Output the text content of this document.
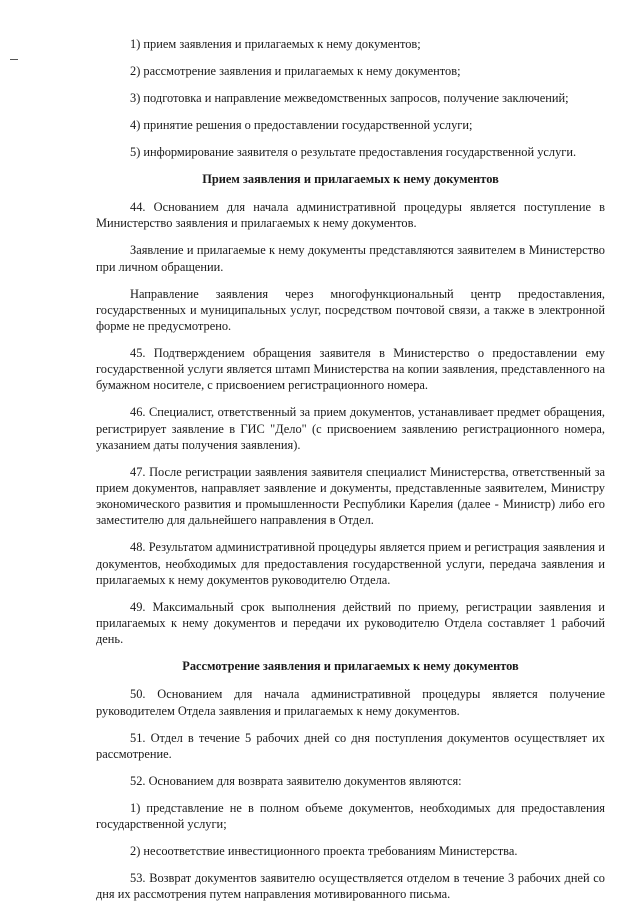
1) прием заявления и прилагаемых к нему документов;

2) рассмотрение заявления и прилагаемых к нему документов;

3) подготовка и направление межведомственных запросов, получение заключений;

4) принятие решения о предоставлении государственной услуги;

5) информирование заявителя о результате предоставления государственной услуги.

Прием заявления и прилагаемых к нему документов

44. Основанием для начала административной процедуры является поступление в Министерство заявления и прилагаемых к нему документов.

Заявление и прилагаемые к нему документы представляются заявителем в Министерство при личном обращении.

Направление заявления через многофункциональный центр предоставления, государственных и муниципальных услуг, посредством почтовой связи, а также в электронной форме не предусмотрено.

45. Подтверждением обращения заявителя в Министерство о предоставлении ему государственной услуги является штамп Министерства на копии заявления, представленного на бумажном носителе, с присвоением регистрационного номера.

46. Специалист, ответственный за прием документов, устанавливает предмет обращения, регистрирует заявление в ГИС "Дело" (с присвоением заявлению регистрационного номера, указанием даты получения заявления).

47. После регистрации заявления заявителя специалист Министерства, ответственный за прием документов, направляет заявление и документы, представленные заявителем, Министру экономического развития и промышленности Республики Карелия (далее - Министр) либо его заместителю для дальнейшего направления в Отдел.

48. Результатом административной процедуры является прием и регистрация заявления и документов, необходимых для предоставления государственной услуги, передача заявления и прилагаемых к нему документов руководителю Отдела.

49. Максимальный срок выполнения действий по приему, регистрации заявления и прилагаемых к нему документов и передачи их руководителю Отдела составляет 1 рабочий день.

Рассмотрение заявления и прилагаемых к нему документов

50. Основанием для начала административной процедуры является получение руководителем Отдела заявления и прилагаемых к нему документов.

51. Отдел в течение 5 рабочих дней со дня поступления документов осуществляет их рассмотрение.

52. Основанием для возврата заявителю документов являются:

1) представление не в полном объеме документов, необходимых для предоставления государственной услуги;

2) несоответствие инвестиционного проекта требованиям Министерства.

53. Возврат документов заявителю осуществляется отделом в течение 3 рабочих дней со дня их рассмотрения путем направления мотивированного письма.
